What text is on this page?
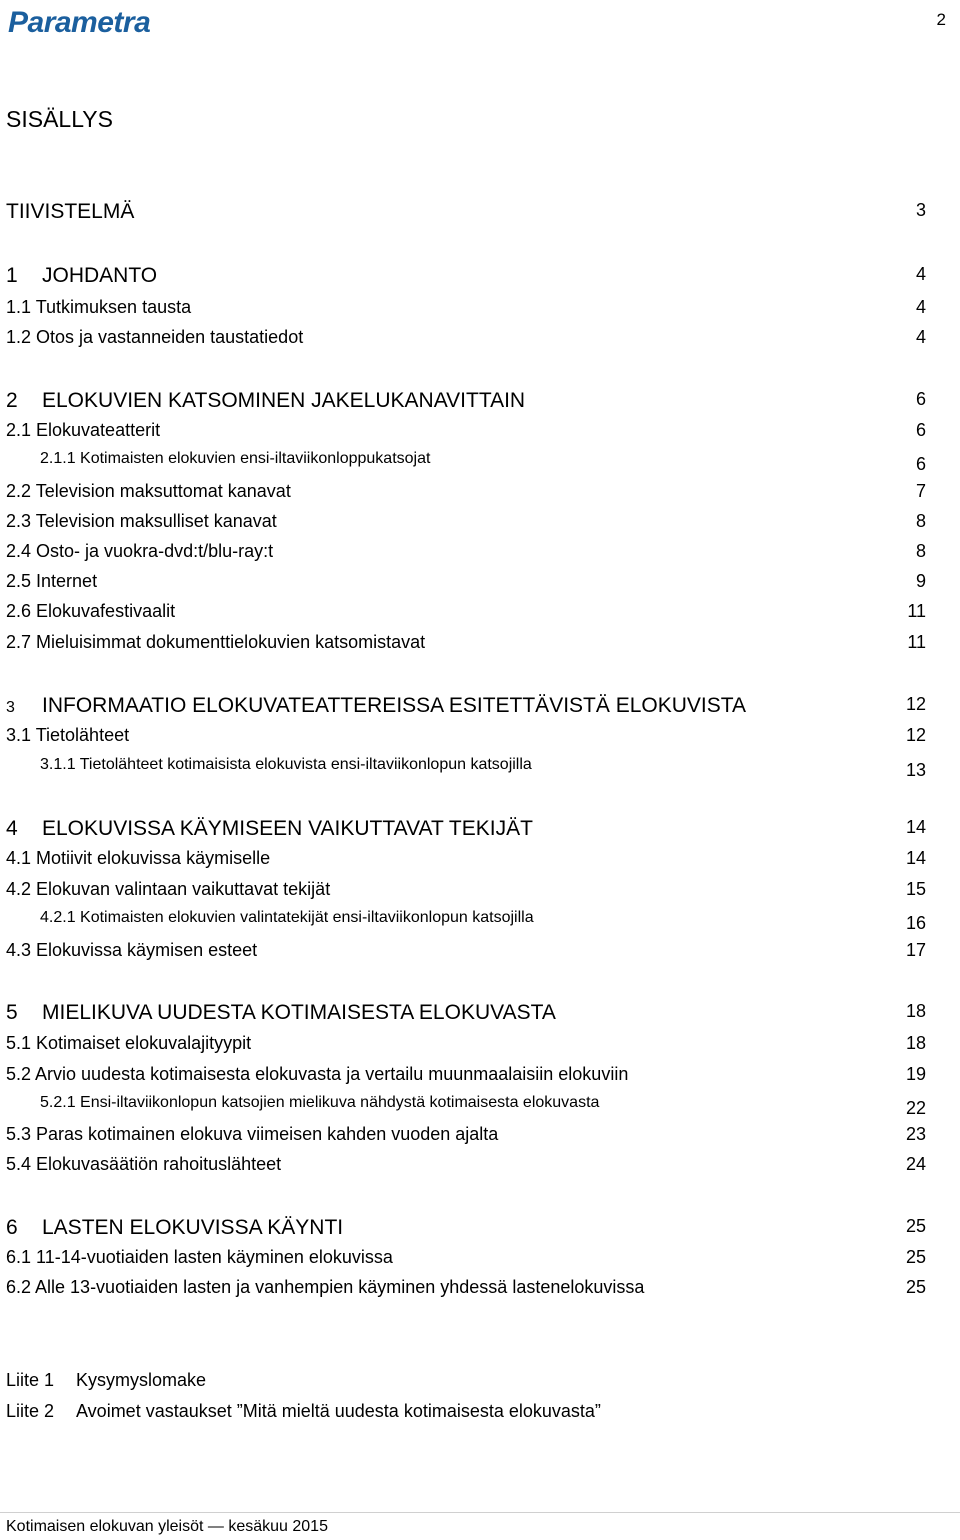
Parametra	2
SISÄLLYS
TIIVISTELMÄ	3
1 JOHDANTO	4
1.1 Tutkimuksen tausta	4
1.2 Otos ja vastanneiden taustatiedot	4
2 ELOKUVIEN KATSOMINEN JAKELUKANAVITTAIN	6
2.1 Elokuvateatterit	6
2.1.1 Kotimaisten elokuvien ensi-iltaviikonloppukatsojat	6
2.2 Television maksuttomat kanavat	7
2.3 Television maksulliset kanavat	8
2.4 Osto- ja vuokra-dvd:t/blu-ray:t	8
2.5 Internet	9
2.6 Elokuvafestivaalit	11
2.7 Mieluisimmat dokumenttielokuvien katsomistavat	11
3 INFORMAATIO ELOKUVATEATTEREISSA ESITETTÄVISTÄ ELOKUVISTA	12
3.1 Tietolähteet	12
3.1.1 Tietolähteet kotimaisista elokuvista ensi-iltaviikonlopun katsojilla	13
4 ELOKUVISSA KÄYMISEEN VAIKUTTAVAT TEKIJÄT	14
4.1 Motiivit elokuvissa käymiselle	14
4.2 Elokuvan valintaan vaikuttavat tekijät	15
4.2.1 Kotimaisten elokuvien valintatekijät ensi-iltaviikonlopun katsojilla	16
4.3 Elokuvissa käymisen esteet	17
5 MIELIKUVA UUDESTA KOTIMAISESTA ELOKUVASTA	18
5.1 Kotimaiset elokuvalajityypit	18
5.2 Arvio uudesta kotimaisesta elokuvasta ja vertailu muunmaalaisiin elokuviin	19
5.2.1 Ensi-iltaviikonlopun katsojien mielikuva nähdystä kotimaisesta elokuvasta	22
5.3 Paras kotimainen elokuva viimeisen kahden vuoden ajalta	23
5.4 Elokuvasäätiön rahoituslähteet	24
6 LASTEN ELOKUVISSA KÄYNTI	25
6.1 11-14-vuotiaiden lasten käyminen elokuvissa	25
6.2 Alle 13-vuotiaiden lasten ja vanhempien käyminen yhdessä lastenelokuvissa	25
Liite 1 Kysymyslomake
Liite 2 Avoimet vastaukset ”Mitä mieltä uudesta kotimaisesta elokuvasta”
Kotimaisen elokuvan yleisöt — kesäkuu 2015
